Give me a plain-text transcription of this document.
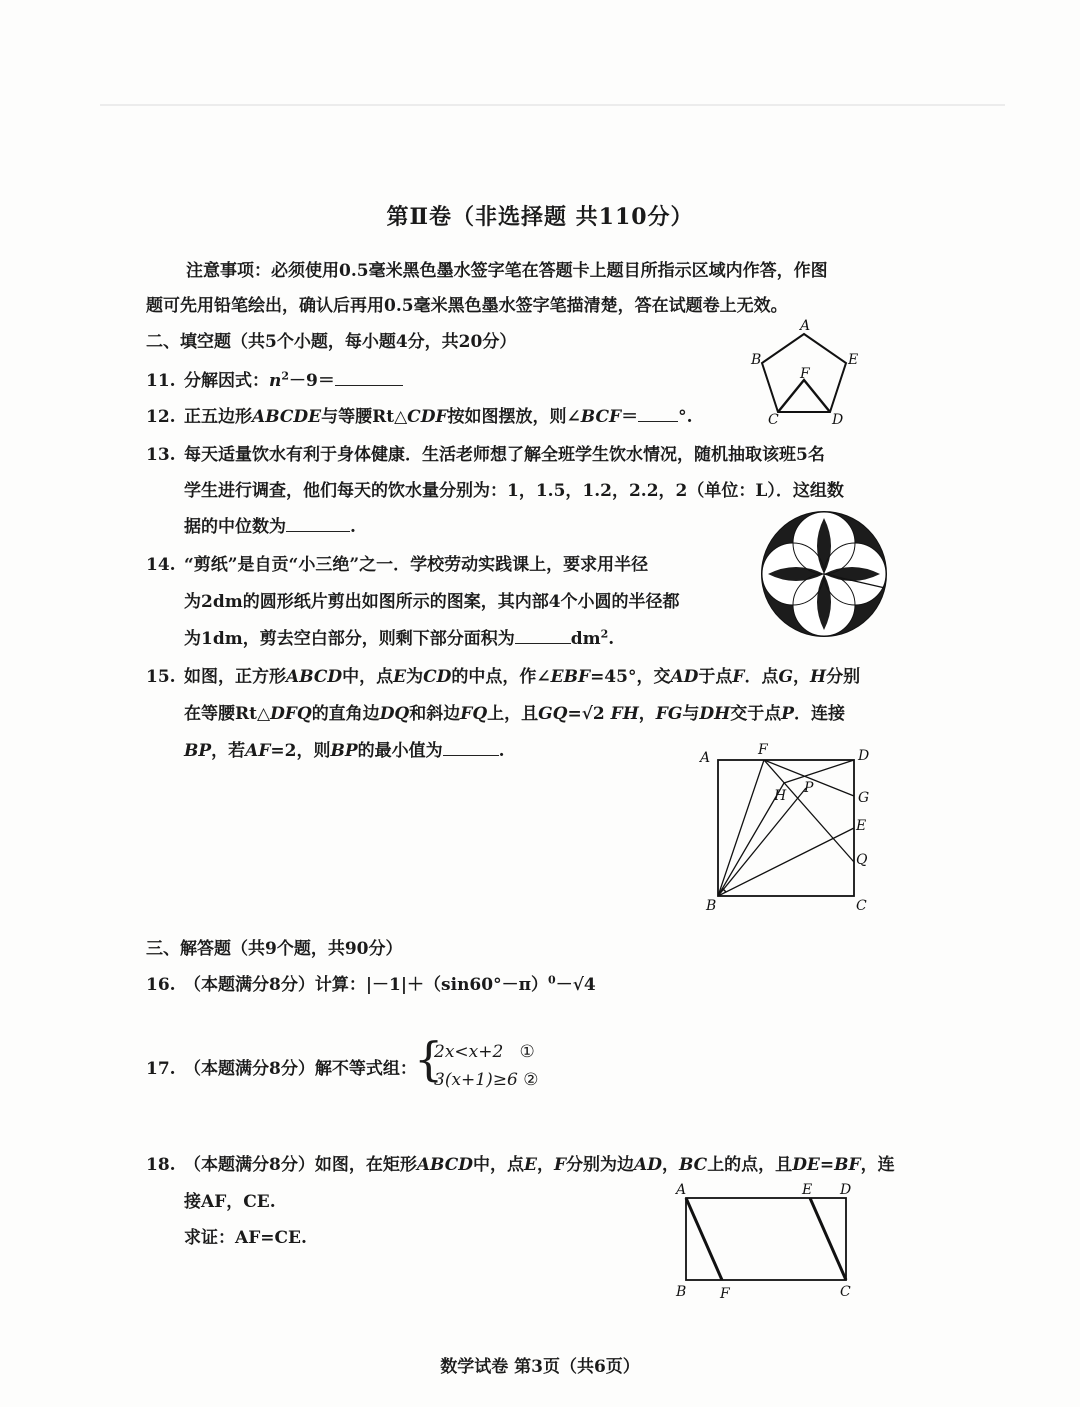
第Ⅱ卷（非选择题 共110分）
注意事项：必须使用0.5毫米黑色墨水签字笔在答题卡上题目所指示区域内作答，作图
题可先用铅笔绘出，确认后再用0.5毫米黑色墨水签字笔描清楚，答在试题卷上无效。
二、填空题（共5个小题，每小题4分，共20分）
11. 分解因式：$n^2-9=$
12. 正五边形ABCDE与等腰Rt△CDF按如图摆放，则∠BCF＝ °.
A
B	E
F
C	D
13. 每天适量饮水有利于身体健康．生活老师想了解全班学生饮水情况，随机抽取该班5名
学生进行调查，他们每天的饮水量分别为：1，1.5，1.2，2.2，2（单位：L）．这组数
据的中位数为	.
14. “剪纸”是自贡“小三绝”之一．学校劳动实践课上，要求用半径
为2dm的圆形纸片剪出如图所示的图案，其内部4个小圆的半径都
为1dm，剪去空白部分，则剩下部分面积为	$dm^2$.
15. 如图，正方形ABCD中，点E为CD的中点，作∠EBF=45°，交AD于点F．点G，H分别
在等腰Rt△DFQ的直角边DQ和斜边FQ上，且GQ=√2 FH，FG与DH交于点P．连接
BP，若AF=2，则BP的最小值为	.	A	F	D
H P
G
E
Q
B	C
三、解答题（共9个题，共90分）
16. （本题满分8分）计算：$|-1|+(\sin 60^\circ-\pi)^0-√4$
17. （本题满分8分）解不等式组：
{
2x<x+2 ①
3(x+1)≥6 ②
18. （本题满分8分）如图，在矩形ABCD中，点E，F分别为边AD，BC上的点，且DE=BF，连
接AF，CE.
求证：AF=CE.
A	E D
B F	C
数学试卷 第3页（共6页）
